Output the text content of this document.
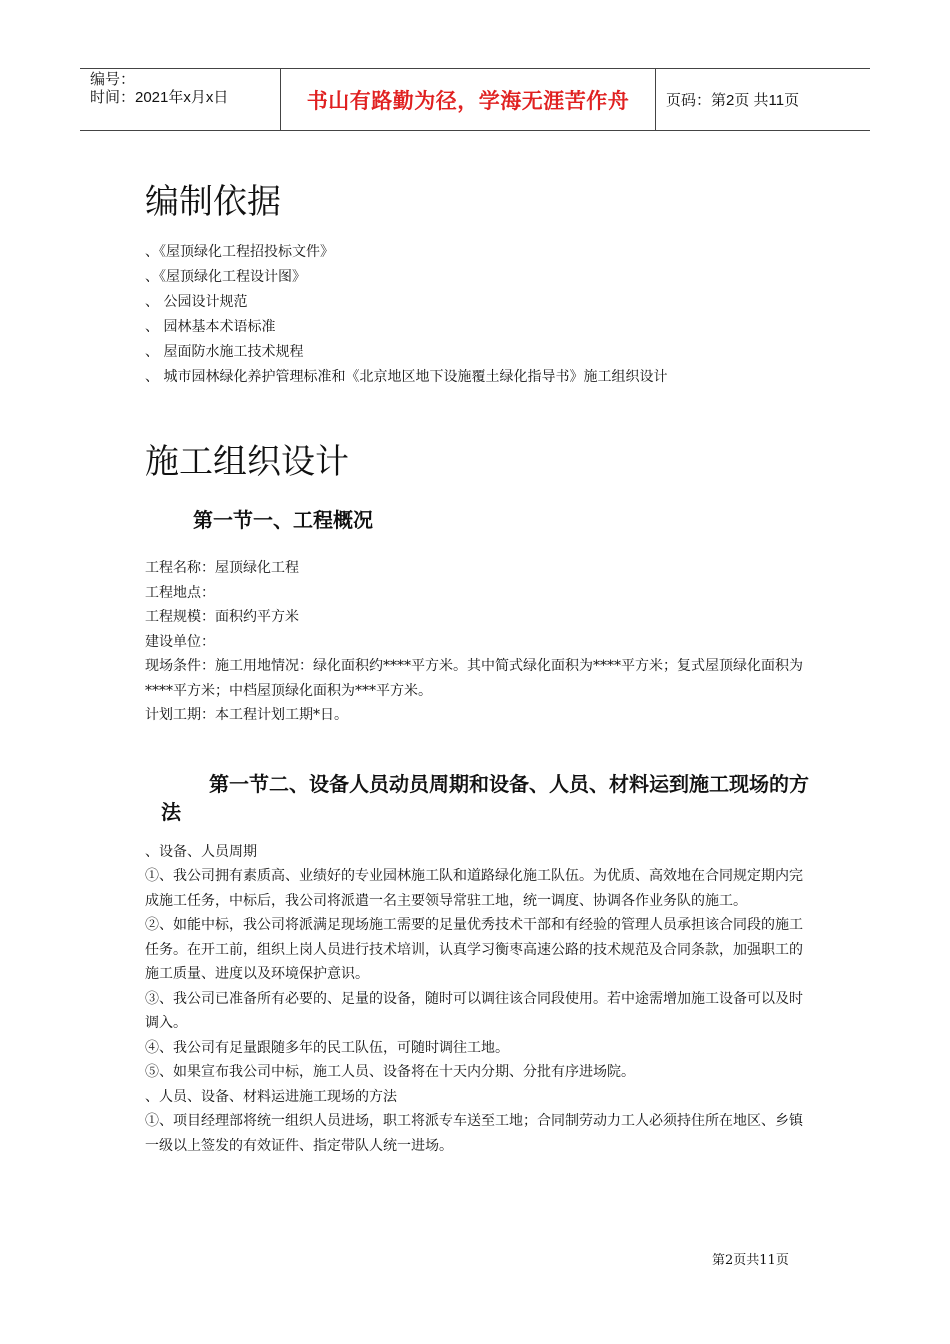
编号：
时间：2021年x月x日	书山有路勤为径，学海无涯苦作舟	页码：第2页 共11页
编制依据
、《屋顶绿化工程招投标文件》
、《屋顶绿化工程设计图》
、 公园设计规范
、 园林基本术语标准
、 屋面防水施工技术规程
、 城市园林绿化养护管理标准和《北京地区地下设施覆土绿化指导书》施工组织设计
施工组织设计
第一节一、工程概况

工程名称：屋顶绿化工程

工程地点：

工程规模：面积约平方米

建设单位：

现场条件：施工用地情况：绿化面积约****平方米。其中简式绿化面积为****平方米；复式屋顶绿化面积为****平方米；中档屋顶绿化面积为***平方米。

计划工期：本工程计划工期*日。

第一节二、设备人员动员周期和设备、人员、材料运到施工现场的方法

、设备、人员周期

①、我公司拥有素质高、业绩好的专业园林施工队和道路绿化施工队伍。为优质、高效地在合同规定期内完成施工任务，中标后，我公司将派遣一名主要领导常驻工地，统一调度、协调各作业务队的施工。

②、如能中标，我公司将派满足现场施工需要的足量优秀技术干部和有经验的管理人员承担该合同段的施工任务。在开工前，组织上岗人员进行技术培训，认真学习衡枣高速公路的技术规范及合同条款，加强职工的施工质量、进度以及环境保护意识。

③、我公司已准备所有必要的、足量的设备，随时可以调往该合同段使用。若中途需增加施工设备可以及时调入。

④、我公司有足量跟随多年的民工队伍，可随时调往工地。

⑤、如果宣布我公司中标，施工人员、设备将在十天内分期、分批有序进场院。

、人员、设备、材料运进施工现场的方法

①、项目经理部将统一组织人员进场，职工将派专车送至工地；合同制劳动力工人必须持住所在地区、乡镇一级以上签发的有效证件、指定带队人统一进场。

第2页共11页
